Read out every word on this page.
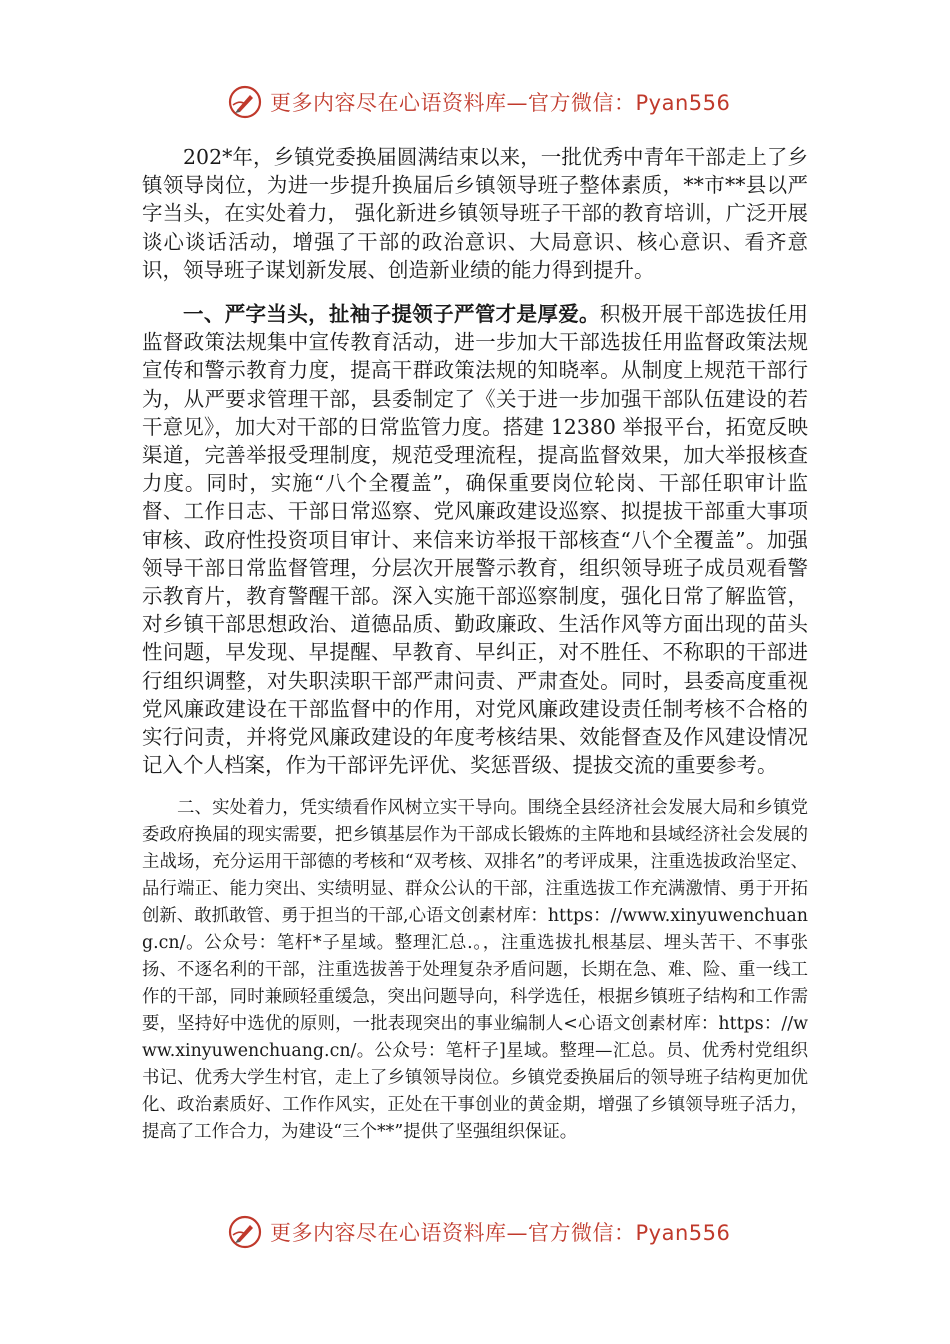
更多内容尽在心语资料库—官方微信：Pyan556

202*年，乡镇党委换届圆满结束以来，一批优秀中青年干部走上了乡镇领导岗位，为进一步提升换届后乡镇领导班子整体素质，**市**县以严字当头，在实处着力， 强化新进乡镇领导班子干部的教育培训，广泛开展谈心谈话活动，增强了干部的政治意识、大局意识、核心意识、看齐意识，领导班子谋划新发展、创造新业绩的能力得到提升。

一、严字当头，扯袖子提领子严管才是厚爱。积极开展干部选拔任用监督政策法规集中宣传教育活动，进一步加大干部选拔任用监督政策法规宣传和警示教育力度，提高干群政策法规的知晓率。从制度上规范干部行为，从严要求管理干部，县委制定了《关于进一步加强干部队伍建设的若干意见》，加大对干部的日常监管力度。搭建 12380 举报平台，拓宽反映渠道，完善举报受理制度，规范受理流程，提高监督效果，加大举报核查力度。同时，实施“八个全覆盖”，确保重要岗位轮岗、干部任职审计监督、工作日志、干部日常巡察、党风廉政建设巡察、拟提拔干部重大事项审核、政府性投资项目审计、来信来访举报干部核查“八个全覆盖”。加强领导干部日常监督管理，分层次开展警示教育，组织领导班子成员观看警示教育片，教育警醒干部。深入实施干部巡察制度，强化日常了解监管，对乡镇干部思想政治、道德品质、勤政廉政、生活作风等方面出现的苗头性问题，早发现、早提醒、早教育、早纠正，对不胜任、不称职的干部进行组织调整，对失职渎职干部严肃问责、严肃查处。同时，县委高度重视党风廉政建设在干部监督中的作用，对党风廉政建设责任制考核不合格的实行问责，并将党风廉政建设的年度考核结果、效能督查及作风建设情况记入个人档案，作为干部评先评优、奖惩晋级、提拔交流的重要参考。

二、实处着力，凭实绩看作风树立实干导向。围绕全县经济社会发展大局和乡镇党委政府换届的现实需要，把乡镇基层作为干部成长锻炼的主阵地和县域经济社会发展的主战场，充分运用干部德的考核和“双考核、双排名”的考评成果，注重选拔政治坚定、品行端正、能力突出、实绩明显、群众公认的干部，注重选拔工作充满激情、勇于开拓创新、敢抓敢管、勇于担当的干部,心语文创素材库：https：//www.xinyuwenchuang.cn/。公众号：笔杆*子星域。整理汇总.。，注重选拔扎根基层、埋头苦干、不事张扬、不逐名利的干部，注重选拔善于处理复杂矛盾问题，长期在急、难、险、重一线工作的干部，同时兼顾轻重缓急，突出问题导向，科学选任，根据乡镇班子结构和工作需要，坚持好中选优的原则，一批表现突出的事业编制人<心语文创素材库：https：//www.xinyuwenchuang.cn/。公众号：笔杆子]星域。整理—汇总。员、优秀村党组织书记、优秀大学生村官，走上了乡镇领导岗位。乡镇党委换届后的领导班子结构更加优化、政治素质好、工作作风实，正处在干事创业的黄金期，增强了乡镇领导班子活力，提高了工作合力，为建设“三个**”提供了坚强组织保证。

更多内容尽在心语资料库—官方微信：Pyan556
